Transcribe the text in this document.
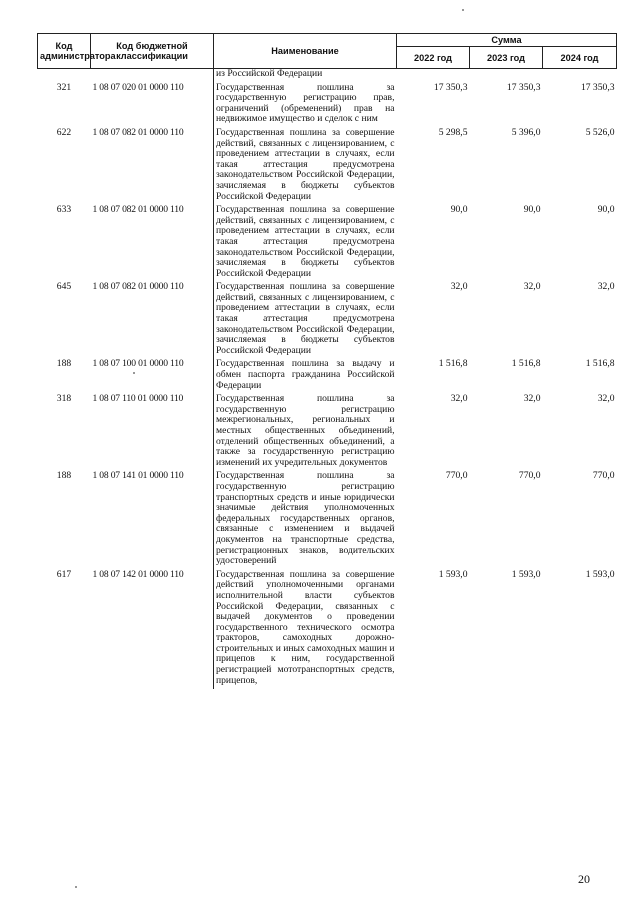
Код администратора	Код бюджетной классификации	Наименование	Сумма		
			2022 год	2023 год	2024 год
		из Российской Федерации			
321	1 08 07 020 01 0000 110	Государственная пошлина за государственную регистрацию прав, ограничений (обременений) прав на недвижимое имущество и сделок с ним	17 350,3	17 350,3	17 350,3
622	1 08 07 082 01 0000 110	Государственная пошлина за совершение действий, связанных с лицензированием, с проведением аттестации в случаях, если такая аттестация предусмотрена законодательством Российской Федерации, зачисляемая в бюджеты субъектов Российской Федерации	5 298,5	5 396,0	5 526,0
633	1 08 07 082 01 0000 110	Государственная пошлина за совершение действий, связанных с лицензированием, с проведением аттестации в случаях, если такая аттестация предусмотрена законодательством Российской Федерации, зачисляемая в бюджеты субъектов Российской Федерации	90,0	90,0	90,0
645	1 08 07 082 01 0000 110	Государственная пошлина за совершение действий, связанных с лицензированием, с проведением аттестации в случаях, если такая аттестация предусмотрена законодательством Российской Федерации, зачисляемая в бюджеты субъектов Российской Федерации	32,0	32,0	32,0
188	1 08 07 100 01 0000 110	Государственная пошлина за выдачу и обмен паспорта гражданина Российской Федерации	1 516,8	1 516,8	1 516,8
318	1 08 07 110 01 0000 110	Государственная пошлина за государственную регистрацию межрегиональных, региональных и местных общественных объединений, отделений общественных объединений, а также за государственную регистрацию изменений их учредительных документов	32,0	32,0	32,0
188	1 08 07 141 01 0000 110	Государственная пошлина за государственную регистрацию транспортных средств и иные юридически значимые действия уполномоченных федеральных государственных органов, связанные с изменением и выдачей документов на транспортные средства, регистрационных знаков, водительских удостоверений	770,0	770,0	770,0
617	1 08 07 142 01 0000 110	Государственная пошлина за совершение действий уполномоченными органами исполнительной власти субъектов Российской Федерации, связанных с выдачей документов о проведении государственного технического осмотра тракторов, самоходных дорожно-строительных и иных самоходных машин и прицепов к ним, государственной регистрацией мототранспортных средств, прицепов,	1 593,0	1 593,0	1 593,0
20
